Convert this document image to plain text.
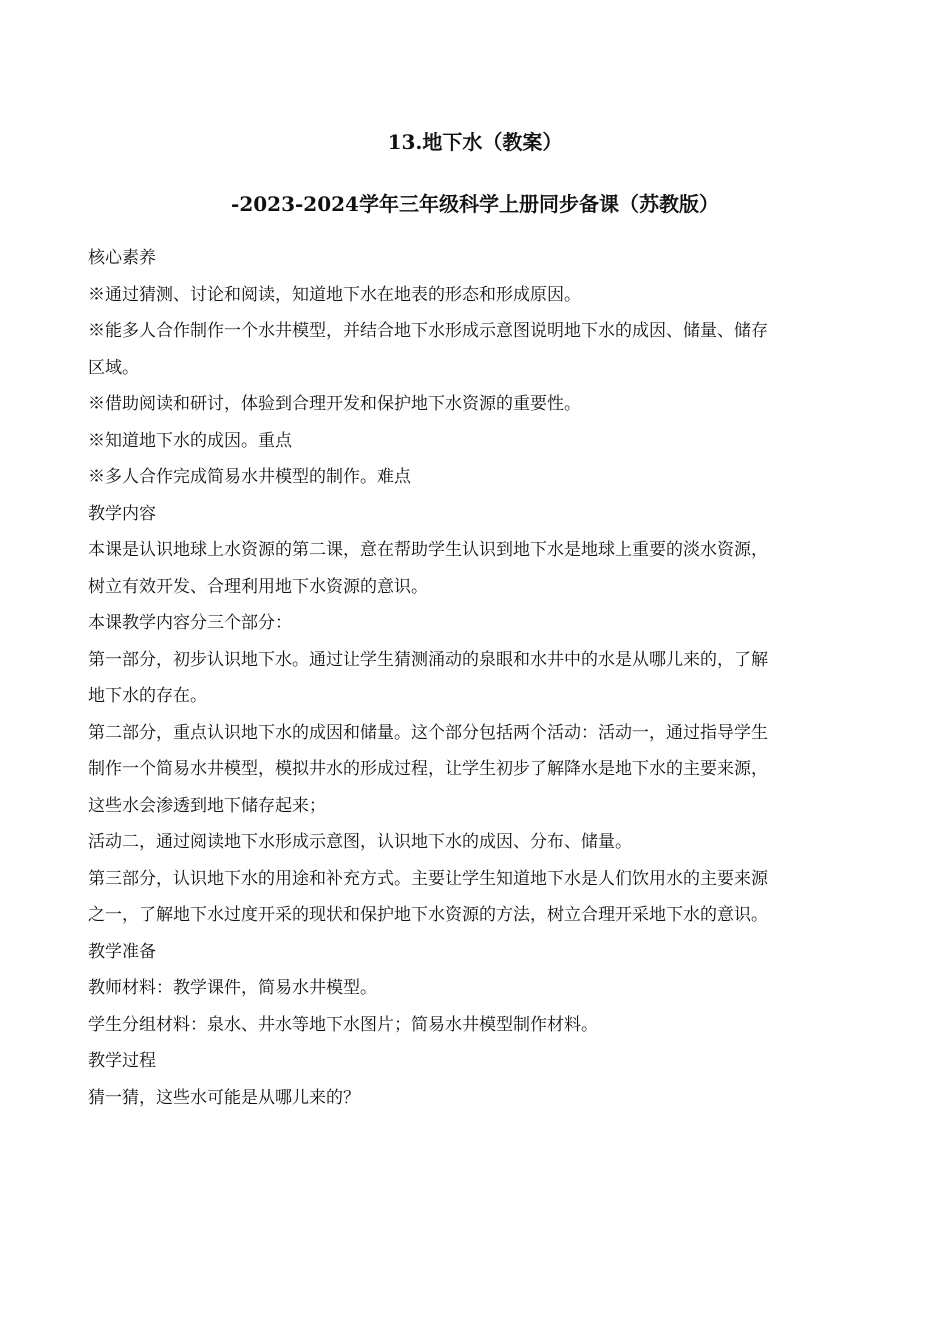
13.地下水（教案）
-2023-2024学年三年级科学上册同步备课（苏教版）
核心素养
※通过猜测、讨论和阅读，知道地下水在地表的形态和形成原因。
※能多人合作制作一个水井模型，并结合地下水形成示意图说明地下水的成因、储量、储存
区域。
※借助阅读和研讨，体验到合理开发和保护地下水资源的重要性。
※知道地下水的成因。重点
※多人合作完成简易水井模型的制作。难点
教学内容
本课是认识地球上水资源的第二课，意在帮助学生认识到地下水是地球上重要的淡水资源，
树立有效开发、合理利用地下水资源的意识。
本课教学内容分三个部分：
第一部分，初步认识地下水。通过让学生猜测涌动的泉眼和水井中的水是从哪儿来的，了解
地下水的存在。
第二部分，重点认识地下水的成因和储量。这个部分包括两个活动：活动一，通过指导学生
制作一个简易水井模型，模拟井水的形成过程，让学生初步了解降水是地下水的主要来源，
这些水会渗透到地下储存起来；
活动二，通过阅读地下水形成示意图，认识地下水的成因、分布、储量。
第三部分，认识地下水的用途和补充方式。主要让学生知道地下水是人们饮用水的主要来源
之一，了解地下水过度开采的现状和保护地下水资源的方法，树立合理开采地下水的意识。
教学准备
教师材料：教学课件，简易水井模型。
学生分组材料：泉水、井水等地下水图片；简易水井模型制作材料。
教学过程
猜一猜，这些水可能是从哪儿来的？
